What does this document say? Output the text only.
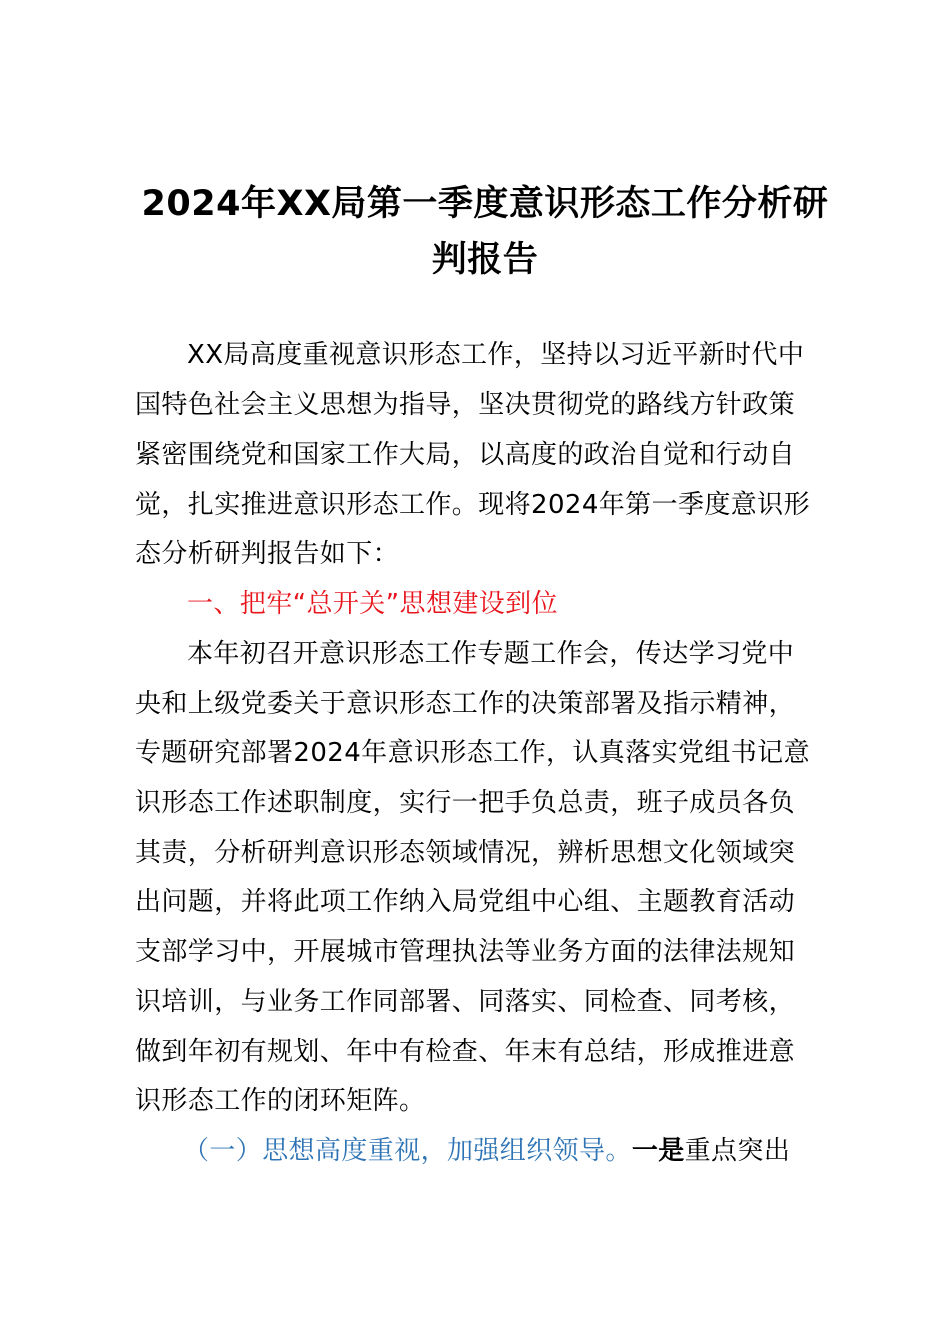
2024年XX局第一季度意识形态工作分析研
判报告
XX局高度重视意识形态工作，坚持以习近平新时代中
国特色社会主义思想为指导，坚决贯彻党的路线方针政策
紧密围绕党和国家工作大局，以高度的政治自觉和行动自
觉，扎实推进意识形态工作。现将2024年第一季度意识形
态分析研判报告如下：
一、把牢“总开关”思想建设到位
本年初召开意识形态工作专题工作会，传达学习党中
央和上级党委关于意识形态工作的决策部署及指示精神，
专题研究部署2024年意识形态工作，认真落实党组书记意
识形态工作述职制度，实行一把手负总责，班子成员各负
其责，分析研判意识形态领域情况，辨析思想文化领域突
出问题，并将此项工作纳入局党组中心组、主题教育活动
支部学习中，开展城市管理执法等业务方面的法律法规知
识培训，与业务工作同部署、同落实、同检查、同考核，
做到年初有规划、年中有检查、年末有总结，形成推进意
识形态工作的闭环矩阵。
（一）思想高度重视，加强组织领导。一是重点突出
